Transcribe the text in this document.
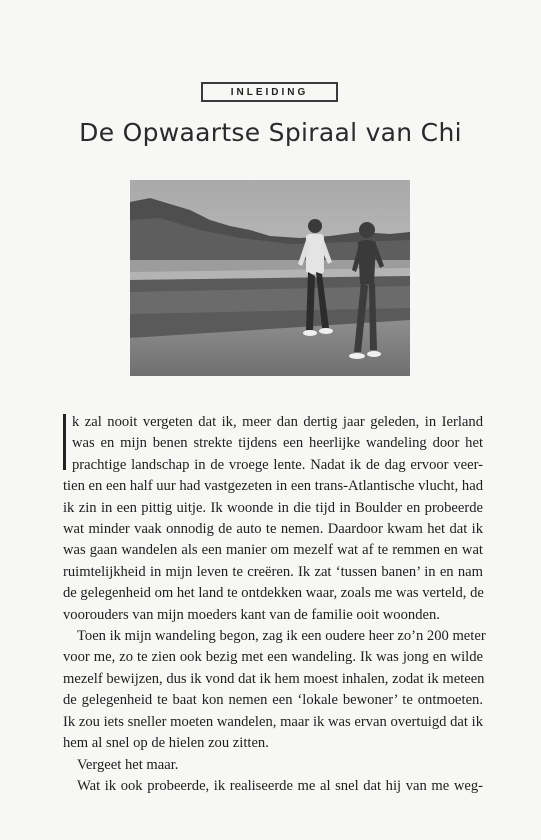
INLEIDING
De Opwaartse Spiraal van Chi
k zal nooit vergeten dat ik, meer dan dertig jaar geleden, in Ierland
was en mijn benen strekte tijdens een heerlijke wandeling door het
prachtige landschap in de vroege lente. Nadat ik de dag ervoor veer-
tien en een half uur had vastgezeten in een trans-Atlantische vlucht, had
ik zin in een pittig uitje. Ik woonde in die tijd in Boulder en probeerde
wat minder vaak onnodig de auto te nemen. Daardoor kwam het dat ik
was gaan wandelen als een manier om mezelf wat af te remmen en wat
ruimtelijkheid in mijn leven te creëren. Ik zat ‘tussen banen’ in en nam
de gelegenheid om het land te ontdekken waar, zoals me was verteld, de
voorouders van mijn moeders kant van de familie ooit woonden.
Toen ik mijn wandeling begon, zag ik een oudere heer zo’n 200 meter
voor me, zo te zien ook bezig met een wandeling. Ik was jong en wilde
mezelf bewijzen, dus ik vond dat ik hem moest inhalen, zodat ik meteen
de gelegenheid te baat kon nemen een ‘lokale bewoner’ te ontmoeten.
Ik zou iets sneller moeten wandelen, maar ik was ervan overtuigd dat ik
hem al snel op de hielen zou zitten.
Vergeet het maar.
Wat ik ook probeerde, ik realiseerde me al snel dat hij van me weg-
